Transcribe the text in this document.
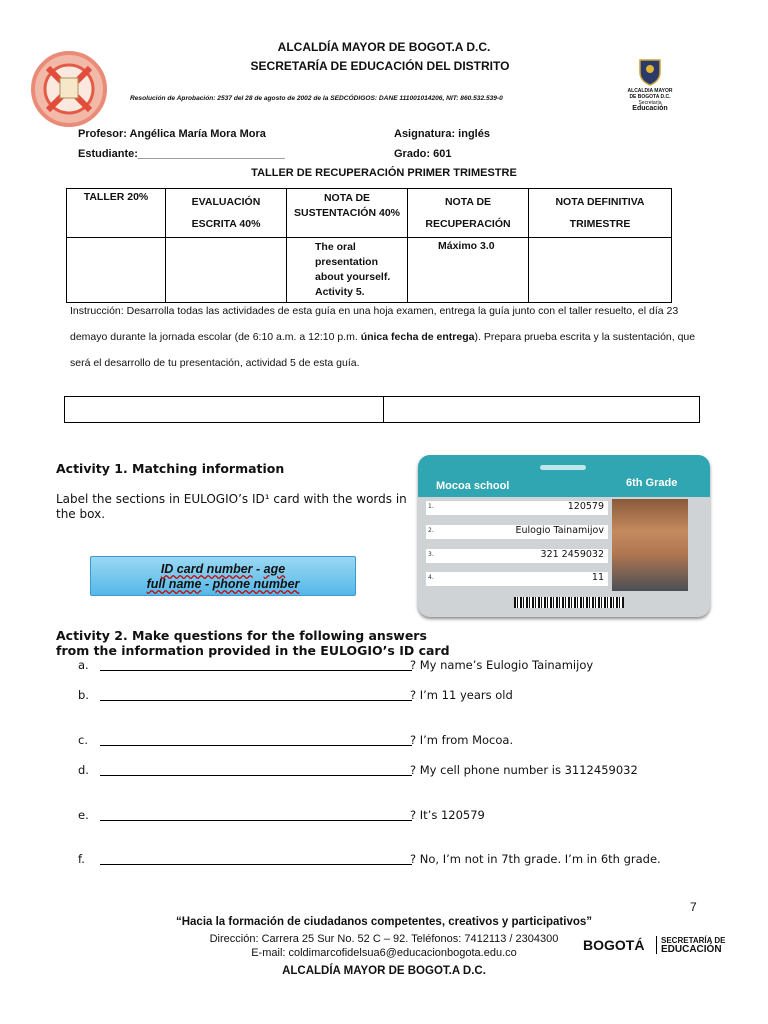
ALCALDÍA MAYOR DE BOGOT.A D.C.
SECRETARÍA DE EDUCACIÓN DEL DISTRITO
Resolución de Aprobación: 2537 del 28 de agosto de 2002 de la SEDCÓDIGOS: DANE 111001014206, NIT: 860.532.539-0
ALCALDIA MAYOR
DE BOGOTA D.C.
Secretaría
Educación
Profesor: Angélica María Mora Mora	Asignatura: inglés
Estudiante:________________________	Grado: 601
TALLER DE RECUPERACIÓN PRIMER TRIMESTRE
TALLER 20%	EVALUACIÓN ESCRITA 40%	NOTA DE SUSTENTACIÓN 40%	NOTA DE RECUPERACIÓN	NOTA DEFINITIVA TRIMESTRE
		The oral presentation about yourself. Activity 5.	Máximo 3.0	
Instrucción: Desarrolla todas las actividades de esta guía en una hoja examen, entrega la guía junto con el taller resuelto, el día 23 demayo durante la jornada escolar (de 6:10 a.m. a 12:10 p.m. única fecha de entrega). Prepara prueba escrita y la sustentación, que será el desarrollo de tu presentación, actividad 5 de esta guía.
Activity 1. Matching information
Label the sections in EULOGIO’s ID¹ card with the words in the box.
ID card number - age
full name - phone number
Mocoa school	6th Grade
1.	120579
2.	Eulogio Tainamijov
3.	321 2459032
4.	11
Activity 2. Make questions for the following answers from the information provided in the EULOGIO’s ID card
a.	? My name’s Eulogio Tainamijoy
b.	? I’m 11 years old
c.	? I’m from Mocoa.
d.	? My cell phone number is 3112459032
e.	? It’s 120579
f.	? No, I’m not in 7th grade. I’m in 6th grade.
7
“Hacia la formación de ciudadanos competentes, creativos y participativos”
Dirección: Carrera 25 Sur No. 52 C – 92. Teléfonos: 7412113 / 2304300
E-mail: coldimarcofidelsua6@educacionbogota.edu.co
ALCALDÍA MAYOR DE BOGOT.A D.C.
BOGOTÁ SECRETARÍA DE
EDUCACIÓN
